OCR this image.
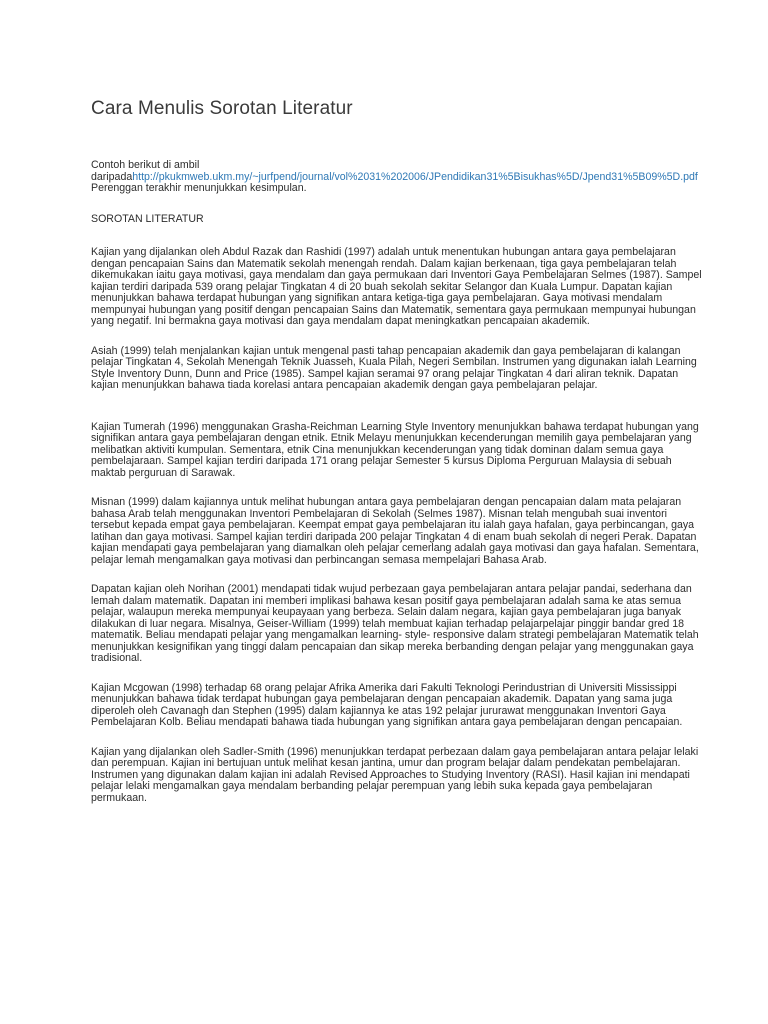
Cara Menulis Sorotan Literatur

Contoh berikut di ambil daripadahttp://pkukmweb.ukm.my/~jurfpend/journal/vol%2031%202006/JPendidikan31%5Bisukhas%5D/Jpend31%5B09%5D.pdf Perenggan terakhir menunjukkan kesimpulan.

SOROTAN LITERATUR

Kajian yang dijalankan oleh Abdul Razak dan Rashidi (1997) adalah untuk menentukan hubungan antara gaya pembelajaran dengan pencapaian Sains dan Matematik sekolah menengah rendah. Dalam kajian berkenaan, tiga gaya pembelajaran telah dikemukakan iaitu gaya motivasi, gaya mendalam dan gaya permukaan dari Inventori Gaya Pembelajaran Selmes (1987). Sampel kajian terdiri daripada 539 orang pelajar Tingkatan 4 di 20 buah sekolah sekitar Selangor dan Kuala Lumpur. Dapatan kajian menunjukkan bahawa terdapat hubungan yang signifikan antara ketiga-tiga gaya pembelajaran. Gaya motivasi mendalam mempunyai hubungan yang positif dengan pencapaian Sains dan Matematik, sementara gaya permukaan mempunyai hubungan yang negatif. Ini bermakna gaya motivasi dan gaya mendalam dapat meningkatkan pencapaian akademik.

Asiah (1999) telah menjalankan kajian untuk mengenal pasti tahap pencapaian akademik dan gaya pembelajaran di kalangan pelajar Tingkatan 4, Sekolah Menengah Teknik Juasseh, Kuala Pilah, Negeri Sembilan. Instrumen yang digunakan ialah Learning Style Inventory Dunn, Dunn and Price (1985). Sampel kajian seramai 97 orang pelajar Tingkatan 4 dari aliran teknik. Dapatan kajian menunjukkan bahawa tiada korelasi antara pencapaian akademik dengan gaya pembelajaran pelajar.

Kajian Tumerah (1996) menggunakan Grasha-Reichman Learning Style Inventory menunjukkan bahawa terdapat hubungan yang signifikan antara gaya pembelajaran dengan etnik. Etnik Melayu menunjukkan kecenderungan memilih gaya pembelajaran yang melibatkan aktiviti kumpulan. Sementara, etnik Cina menunjukkan kecenderungan yang tidak dominan dalam semua gaya pembelajaraan. Sampel kajian terdiri daripada 171 orang pelajar Semester 5 kursus Diploma Perguruan Malaysia di sebuah maktab perguruan di Sarawak.

Misnan (1999) dalam kajiannya untuk melihat hubungan antara gaya pembelajaran dengan pencapaian dalam mata pelajaran bahasa Arab telah menggunakan Inventori Pembelajaran di Sekolah (Selmes 1987). Misnan telah mengubah suai inventori tersebut kepada empat gaya pembelajaran. Keempat empat gaya pembelajaran itu ialah gaya hafalan, gaya perbincangan, gaya latihan dan gaya motivasi. Sampel kajian terdiri daripada 200 pelajar Tingkatan 4 di enam buah sekolah di negeri Perak. Dapatan kajian mendapati gaya pembelajaran yang diamalkan oleh pelajar cemerlang adalah gaya motivasi dan gaya hafalan. Sementara, pelajar lemah mengamalkan gaya motivasi dan perbincangan semasa mempelajari Bahasa Arab.

Dapatan kajian oleh Norihan (2001) mendapati tidak wujud perbezaan gaya pembelajaran antara pelajar pandai, sederhana dan lemah dalam matematik. Dapatan ini memberi implikasi bahawa kesan positif gaya pembelajaran adalah sama ke atas semua pelajar, walaupun mereka mempunyai keupayaan yang berbeza. Selain dalam negara, kajian gaya pembelajaran juga banyak dilakukan di luar negara. Misalnya, Geiser-William (1999) telah membuat kajian terhadap pelajarpelajar pinggir bandar gred 18 matematik. Beliau mendapati pelajar yang mengamalkan learning- style- responsive dalam strategi pembelajaran Matematik telah menunjukkan kesignifikan yang tinggi dalam pencapaian dan sikap mereka berbanding dengan pelajar yang menggunakan gaya tradisional.

Kajian Mcgowan (1998) terhadap 68 orang pelajar Afrika Amerika dari Fakulti Teknologi Perindustrian di Universiti Mississippi menunjukkan bahawa tidak terdapat hubungan gaya pembelajaran dengan pencapaian akademik. Dapatan yang sama juga diperoleh oleh Cavanagh dan Stephen (1995) dalam kajiannya ke atas 192 pelajar jururawat menggunakan Inventori Gaya Pembelajaran Kolb. Beliau mendapati bahawa tiada hubungan yang signifikan antara gaya pembelajaran dengan pencapaian.

Kajian yang dijalankan oleh Sadler-Smith (1996) menunjukkan terdapat perbezaan dalam gaya pembelajaran antara pelajar lelaki dan perempuan. Kajian ini bertujuan untuk melihat kesan jantina, umur dan program belajar dalam pendekatan pembelajaran. Instrumen yang digunakan dalam kajian ini adalah Revised Approaches to Studying Inventory (RASI). Hasil kajian ini mendapati pelajar lelaki mengamalkan gaya mendalam berbanding pelajar perempuan yang lebih suka kepada gaya pembelajaran permukaan.
